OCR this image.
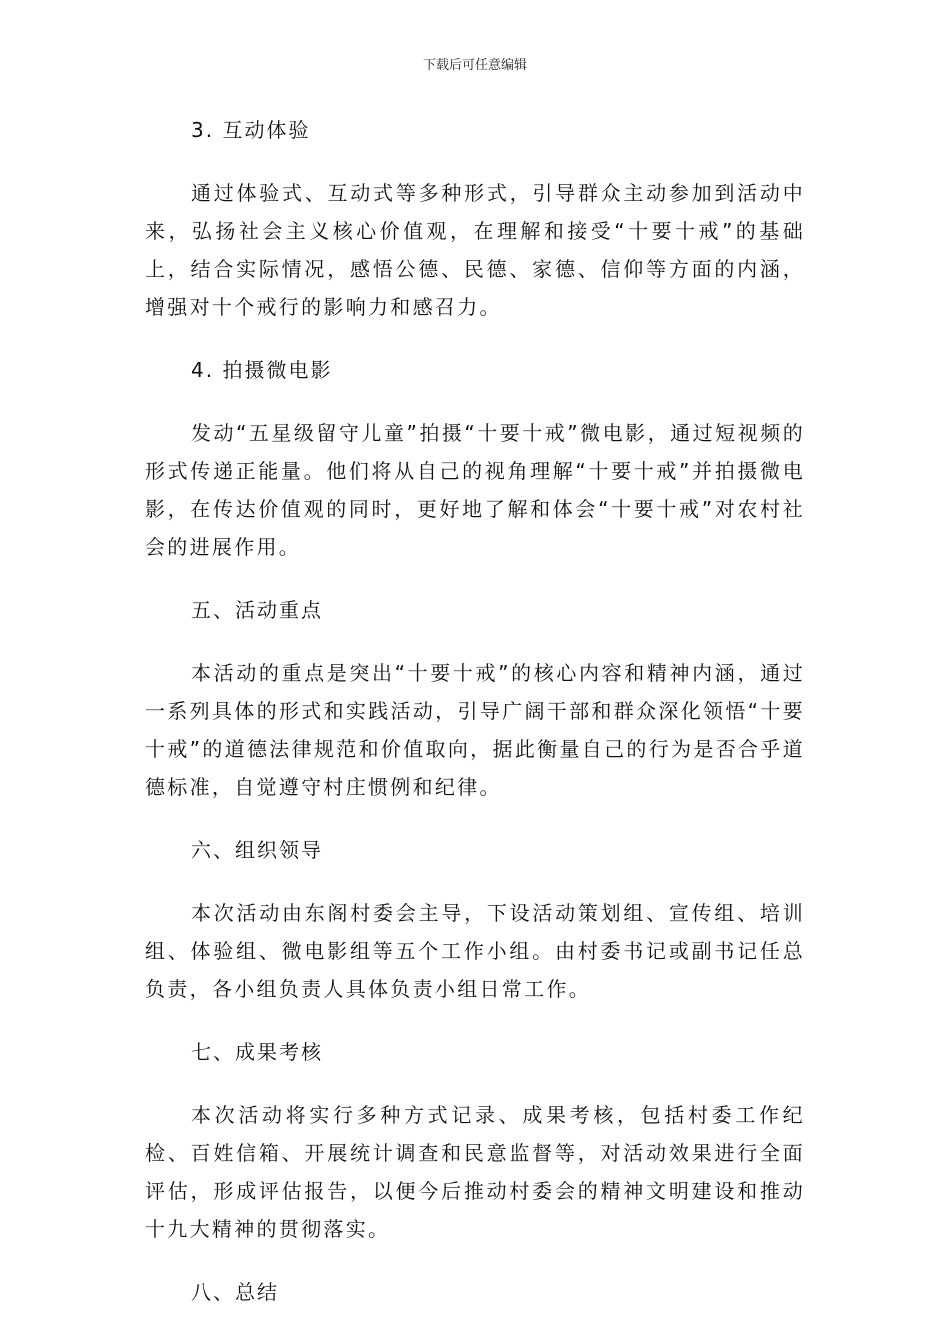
下载后可任意编辑

3. 互动体验

通过体验式、互动式等多种形式，引导群众主动参加到活动中来，弘扬社会主义核心价值观，在理解和接受“十要十戒”的基础上，结合实际情况，感悟公德、民德、家德、信仰等方面的内涵，增强对十个戒行的影响力和感召力。

4. 拍摄微电影

发动“五星级留守儿童”拍摄“十要十戒”微电影，通过短视频的形式传递正能量。他们将从自己的视角理解“十要十戒”并拍摄微电影，在传达价值观的同时，更好地了解和体会“十要十戒”对农村社会的进展作用。

五、活动重点

本活动的重点是突出“十要十戒”的核心内容和精神内涵，通过一系列具体的形式和实践活动，引导广阔干部和群众深化领悟“十要十戒”的道德法律规范和价值取向，据此衡量自己的行为是否合乎道德标准，自觉遵守村庄惯例和纪律。

六、组织领导

本次活动由东阁村委会主导，下设活动策划组、宣传组、培训组、体验组、微电影组等五个工作小组。由村委书记或副书记任总负责，各小组负责人具体负责小组日常工作。

七、成果考核

本次活动将实行多种方式记录、成果考核，包括村委工作纪检、百姓信箱、开展统计调查和民意监督等，对活动效果进行全面评估，形成评估报告，以便今后推动村委会的精神文明建设和推动十九大精神的贯彻落实。

八、总结
